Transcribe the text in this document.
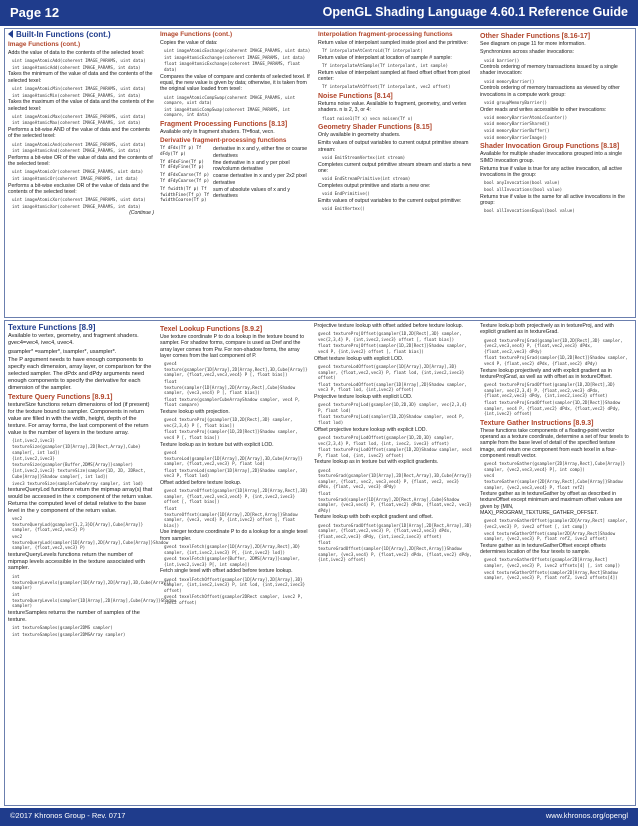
Page 12	OpenGL Shading Language 4.60.1 Reference Guide
Built-In Functions (cont.)
Image Functions (cont.)
Adds the value of data to the contents of the selected texel:
uint imageAtomicAdd(coherent IMAGE_PARAMS, uint data)
int imageAtomicAdd(coherent IMAGE_PARAMS, int data)
Takes the minimum of the value of data and the contents of the selected texel:
uint imageAtomicMin(coherent IMAGE_PARAMS, uint data)
int imageAtomicMin(coherent IMAGE_PARAMS, int data)
Takes the maximum of the value of data and the contents of the selected texel:
uint imageAtomicMax(coherent IMAGE_PARAMS, uint data)
int imageAtomicMax(coherent IMAGE_PARAMS, int data)
Performs a bit-wise AND of the value of data and the contents of the selected texel:
uint imageAtomicAnd(coherent IMAGE_PARAMS, uint data)
int imageAtomicAnd(coherent IMAGE_PARAMS, int data)
Performs a bit-wise OR of the value of data and the contents of the selected texel:
uint imageAtomicOr(coherent IMAGE_PARAMS, uint data)
int imageAtomicOr(coherent IMAGE_PARAMS, int data)
Performs a bit-wise exclusive OR of the value of data and the contents of the selected texel:
uint imageAtomicXor(coherent IMAGE_PARAMS, uint data)
int imageAtomicXor(coherent IMAGE_PARAMS, int data)
(Continue )
Image Functions (cont.)
Copies the value of data:
uint imageAtomicExchange(coherent IMAGE_PARAMS, uint data)
int imageAtomicExchange(coherent IMAGE_PARAMS, int data)
float imageAtomicExchange(coherent IMAGE_PARAMS, float data)
Compares the value of compare and contents of selected texel. If equal, the new value is given by data; otherwise, it is taken from the original value loaded from texel:
uint imageAtomicCompSwap(coherent IMAGE_PARAMS, uint compare, uint data)
int imageAtomicCompSwap(coherent IMAGE_PARAMS, int compare, int data)
Fragment Processing Functions [8.13]
Available only in fragment shaders. Tf=float, vecn.
Derivative fragment-processing functions
Tf dFdx(Tf p) Tf dFdy(Tf p)
derivative in x and y, either fine or coarse derivatives
Tf dFdxFine(Tf p) Tf dFdyFine(Tf p)
fine derivative in x and y per pixel row/column derivative
Tf dFdxCoarse(Tf p) Tf dFdyCoarse(Tf p)
coarse derivative in x and y per 2x2 pixel derivative
Tf fwidth(Tf p) Tf fwidthFine(Tf p) Tf fwidthCoarse(Tf p)
sum of absolute values of x and y derivatives
Interpolation fragment-processing functions
Return value of interpolant sampled inside pixel and the primitive:
Tf interpolateAtCentroid(Tf interpolant)
Return value of interpolant at location of sample # sample:
Tf interpolateAtSample(Tf interpolant, int sample)
Return value of interpolant sampled at fixed offset offset from pixel center:
Tf interpolateAtOffset(Tf interpolant, vec2 offset)
Noise Functions [8.14]
Returns noise value. Available to fragment, geometry, and vertex shaders. n is 2, 3, or 4:
float noise1(Tf x) vecn noisen(Tf x)
Geometry Shader Functions [8.15]
Only available in geometry shaders.
Emits values of output variables to current output primitive stream stream:
void EmitStreamVertex(int stream)
Completes current output primitive stream stream and starts a new one:
void EndStreamPrimitive(int stream)
Completes output primitive and starts a new one:
void EndPrimitive()
Emits values of output variables to the current output primitive:
void EmitVertex()
Other Shader Functions [8.16-17]
See diagram on page 11 for more information.
Synchronizes across shader invocations:
void barrier()
Controls ordering of memory transactions issued by a single shader invocation:
void memoryBarrier()
Controls ordering of memory transactions as viewed by other invocations in a compute work group:
void groupMemoryBarrier()
Order reads and writes accessible to other invocations:
void memoryBarrierAtomicCounter()
void memoryBarrierShared()
void memoryBarrierBuffer()
void memoryBarrierImage()
Shader Invocation Group Functions [8.18]
Available for multiple shader invocations grouped into a single SIMD invocation group.
Returns true if value is true for any active invocation, all active invocations in the group:
bool anyInvocation(bool value)
bool allInvocations(bool value)
Returns true if value is the same for all active invocations in the group:
bool allInvocationsEqual(bool value)
Texture Functions [8.9]
Available to vertex, geometry, and fragment shaders. gvec4=vec4, ivec4, uvec4.
gsampler* =sampler*, isampler*, usampler*.
The P argument needs to have enough components to specify each dimension, array layer, or comparison for the selected sampler. The dPdx and dPdy arguments need enough components to specify the derivative for each dimension of the sampler.
Texture Query Functions [8.9.1]
textureSize functions return dimensions of lod (if present) for the texture bound to sampler. Components in return value are filled in with the width, height, depth of the texture. For array forms, the last component of the return value is the number of layers in the texture array.
{int,ivec2,ivec3} textureSize(gsampler{1D[Array],2D[Rect,Array],Cube} sampler[, int lod])
{int,ivec2,ivec3} textureSize(gsampler{Buffer,2DMS[Array]}sampler)
{int,ivec2,ivec3} textureSize(sampler{1D, 2D, 2DRect, Cube[Array]}Shadow sampler[, int lod])
ivec3 textureSize(samplerCubeArray sampler, int lod)
textureQueryLod functions return the mipmap array(s) that would be accessed in the x component of the return value. Returns the computed level of detail relative to the base level in the y component of the return value.
vec2 textureQueryLod(gsampler{1,2,3}D[Array],Cube[Array]} sampler, {float,vec2,vec3} P)
vec2 textureQueryLod(sampler{1D[Array],2D[Array],Cube[Array]}Shadow sampler, {float,vec2,vec3} P)
textureQueryLevels functions return the number of mipmap levels accessible in the texture associated with sampler.
int textureQueryLevels(gsampler{1D[Array],2D[Array],3D,Cube[Array]} sampler)
int textureQueryLevels(sampler{1D[Array],2D[Array],Cube[Array]}Shadow sampler)
textureSamples returns the number of samples of the texture.
int textureSamples(gsampler2DMS sampler)
int textureSamples(gsampler2DMSArray sampler)
Texel Lookup Functions [8.9.2]
Use texture coordinate P to do a lookup in the texture bound to sampler. For shadow forms, compare is used as Dref and the array layer comes from Pw. For non-shadow forms, the array layer comes from the last component of P.
gvec4 texture(gsampler{1D[Array],2D[Array,Rect],3D,Cube[Array]} sampler, {float,vec2,vec3,vec4} P [, float bias])
float texture(sampler{1D[Array],2D[Array,Rect],Cube}Shadow sampler, {vec3,vec4} P [, float bias])
float texture(gsamplerCubeArrayShadow sampler, vec4 P, float compare)
Texture lookup with projection.
gvec4 textureProj(gsampler{1D,2D[Rect],3D} sampler, vec{2,3,4} P [, float bias])
float textureProj(sampler{1D,2D[Rect]}Shadow sampler, vec4 P [, float bias])
Texture lookup as in texture but with explicit LOD.
gvec4 textureLod(gsampler{1D[Array],2D[Array],3D,Cube[Array]} sampler, {float,vec2,vec3} P, float lod)
float textureLod(sampler{1D[Array],2D}Shadow sampler, vec3 P, float lod)
Offset added before texture lookup.
gvec4 textureOffset(gsampler{1D[Array],2D[Array,Rect],3D} sampler, {float,vec2,vec3,vec4} P, {int,ivec2,ivec3} offset [, float bias])
float textureOffset(sampler{1D[Array],2D[Rect,Array]}Shadow sampler, {vec3, vec4} P, {int,ivec2} offset [, float bias])
Use integer texture coordinate P to do a lookup for a single texel from sampler.
gvec4 texelFetch(gsampler{1D[Array],2D[Array,Rect],3D} sampler, {int,ivec2,ivec3} P[, {int,ivec2} lod])
gvec4 texelFetch(gsampler{Buffer, 2DMS[Array]}sampler, {int,ivec2,ivec3} P[, int sample])
Fetch single texel with offset added before texture lookup.
gvec4 texelFetchOffset(gsampler{1D[Array],2D[Array],3D} sampler, {int,ivec2,ivec3} P, int lod, {int,ivec2,ivec3} offset)
gvec4 texelFetchOffset(gsampler2DRect sampler, ivec2 P, ivec2 offset)
Projective texture lookup with offset added before texture lookup.
gvec4 textureProjOffset(gsampler{1D,2D[Rect],3D} sampler, vec{2,3,4} P, {int,ivec2,ivec3} offset [, float bias])
float textureProjOffset(sampler{1D,2D[Rect]}Shadow sampler, vec4 P, {int,ivec2} offset [, float bias])
Offset texture lookup with explicit LOD.
gvec4 textureLodOffset(gsampler{1D[Array],2D[Array],3D} sampler, {float,vec2,vec3} P, float lod, {int,ivec2,ivec3} offset)
float textureLodOffset(sampler{1D[Array],2D}Shadow sampler, vec3 P, float lod, {int,ivec2} offset)
Projective texture lookup with explicit LOD.
gvec4 textureProjLod(gsampler{1D,2D,3D} sampler, vec{2,3,4} P, float lod)
float textureProjLod(sampler{1D,2D}Shadow sampler, vec4 P, float lod)
Offset projective texture lookup with explicit LOD.
gvec4 textureProjLodOffset(gsampler{1D,2D,3D} sampler, vec{2,3,4} P, float lod, {int, ivec2, ivec3} offset)
float textureProjLodOffset(sampler{1D,2D}Shadow sampler, vec4 P, float lod, {int, ivec2} offset)
Texture lookup as in texture but with explicit gradients.
gvec4 textureGrad(gsampler{1D[Array],2D[Rect,Array],3D,Cube[Array]} sampler, {float, vec2, vec3,vec4} P, {float, vec2, vec3} dPdx, {float, vec2, vec3} dPdy)
float textureGrad(sampler{1D[Array],2D[Rect,Array],Cube}Shadow sampler, {vec3,vec4} P, {float,vec2} dPdx, {float,vec2, vec3} dPdy)
Texture lookup with both explicit gradient and offset.
gvec4 textureGradOffset(gsampler{1D[Array],2D[Rect,Array],3D} sampler, {float,vec2,vec3} P, {float,vec2,vec3} dPdx, {float,vec2,vec3} dPdy, {int,ivec2,ivec3} offset)
float textureGradOffset(sampler{1D[Array],2D[Rect,Array]}Shadow sampler, {vec3,vec4} P, {float,vec2} dPdx, {float,vec2} dPdy, {int,ivec2} offset)
Texture lookup both projectively as in textureProj, and with explicit gradient as in textureGrad.
gvec4 textureProjGrad(gsampler{1D,2D[Rect],3D} sampler, {vec2,vec3,vec4} P, {float,vec2,vec3} dPdx, {float,vec2,vec3} dPdy)
float textureProjGrad(sampler{1D,2D[Rect]}Shadow sampler, vec4 P, {float,vec2} dPdx, {float,vec2} dPdy)
Texture lookup projectively and with explicit gradient as in textureProjGrad, as well as with offset as in textureOffset.
gvec4 textureProjGradOffset(gsampler{1D,2D[Rect],3D} sampler, vec{2,3,4} P, {float,vec2,vec3} dPdx, {float,vec2,vec3} dPdy, {int,ivec2,ivec3} offset)
float textureProjGradOffset(sampler{1D,2D[Rect]}Shadow sampler, vec4 P, {float,vec2} dPdx, {float,vec2} dPdy, {int,ivec2} offset)
Texture Gather Instructions [8.9.3]
These functions take components of a floating-point vector operand as a texture coordinate, determine a set of four texels to sample from the base level of detail of the specified texture image, and return one component from each texel in a four-component result vector.
gvec4 textureGather(gsampler{2D[Array,Rect],Cube[Array]} sampler, {vec2,vec3,vec4} P[, int comp])
vec4 textureGather(sampler{2D[Array,Rect],Cube[Array]}Shadow sampler, {vec2,vec3,vec4} P, float refZ)
Texture gather as in textureGather by offset as described in textureOffset except minimum and maximum offset values are given by {MIN, MAX}_PROGRAM_TEXTURE_GATHER_OFFSET.
gvec4 textureGatherOffset(gsampler2D[Array,Rect] sampler, {vec2,vec3} P, ivec2 offset [, int comp])
vec4 textureGatherOffset(sampler2D[Array,Rect]Shadow sampler, {vec2,vec3} P, float refZ, ivec2 offset)
Texture gather as in textureGatherOffset except offsets determines location of the four texels to sample.
gvec4 textureGatherOffsets(gsampler2D[Array,Rect] sampler, {vec2,vec3} P, ivec2 offsets[4] [, int comp])
vec4 textureGatherOffsets(sampler2D[Array,Rect]Shadow sampler, {vec2,vec3} P, float refZ, ivec2 offsets[4])
©2017 Khronos Group - Rev. 0717	www.khronos.org/opengl
